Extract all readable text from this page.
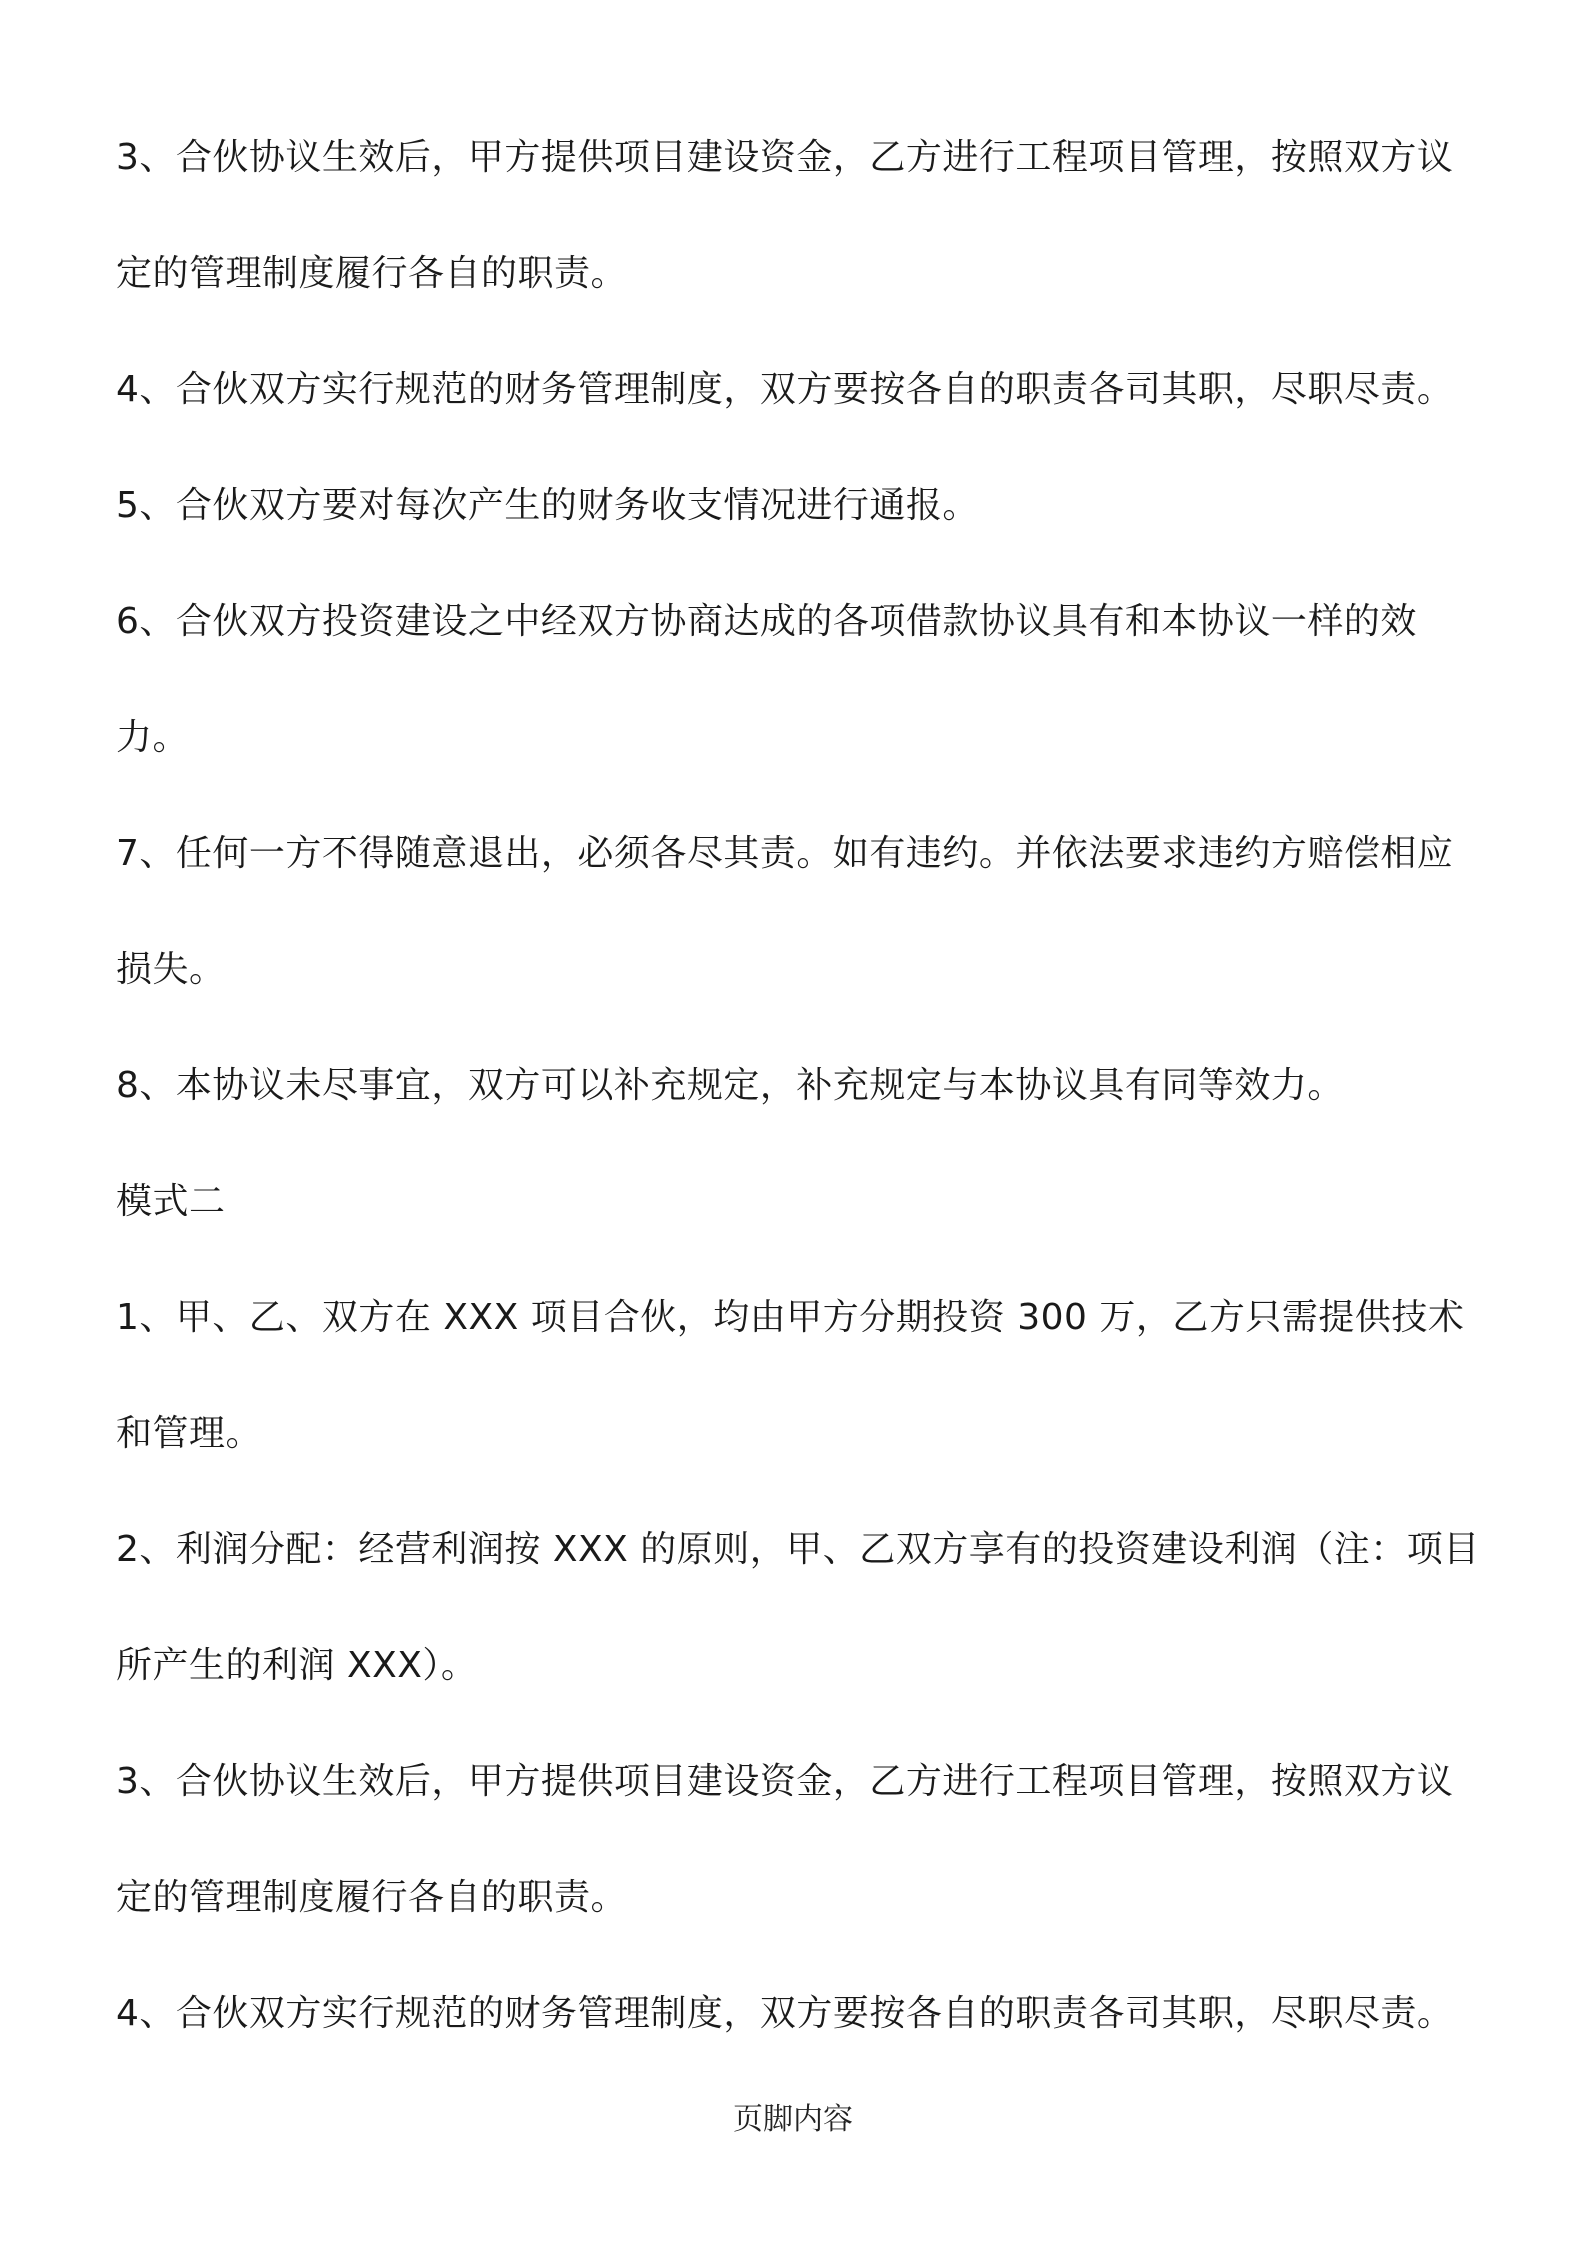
3、合伙协议生效后，甲方提供项目建设资金，乙方进行工程项目管理，按照双方议
定的管理制度履行各自的职责。
4、合伙双方实行规范的财务管理制度，双方要按各自的职责各司其职，尽职尽责。
5、合伙双方要对每次产生的财务收支情况进行通报。
6、合伙双方投资建设之中经双方协商达成的各项借款协议具有和本协议一样的效
力。
7、任何一方不得随意退出，必须各尽其责。如有违约。并依法要求违约方赔偿相应
损失。
8、本协议未尽事宜，双方可以补充规定，补充规定与本协议具有同等效力。
模式二
1、甲、乙、双方在 XXX 项目合伙，均由甲方分期投资 300 万，乙方只需提供技术
和管理。
2、利润分配：经营利润按 XXX 的原则，甲、乙双方享有的投资建设利润（注：项目
所产生的利润 XXX）。
3、合伙协议生效后，甲方提供项目建设资金，乙方进行工程项目管理，按照双方议
定的管理制度履行各自的职责。
4、合伙双方实行规范的财务管理制度，双方要按各自的职责各司其职，尽职尽责。
页脚内容
